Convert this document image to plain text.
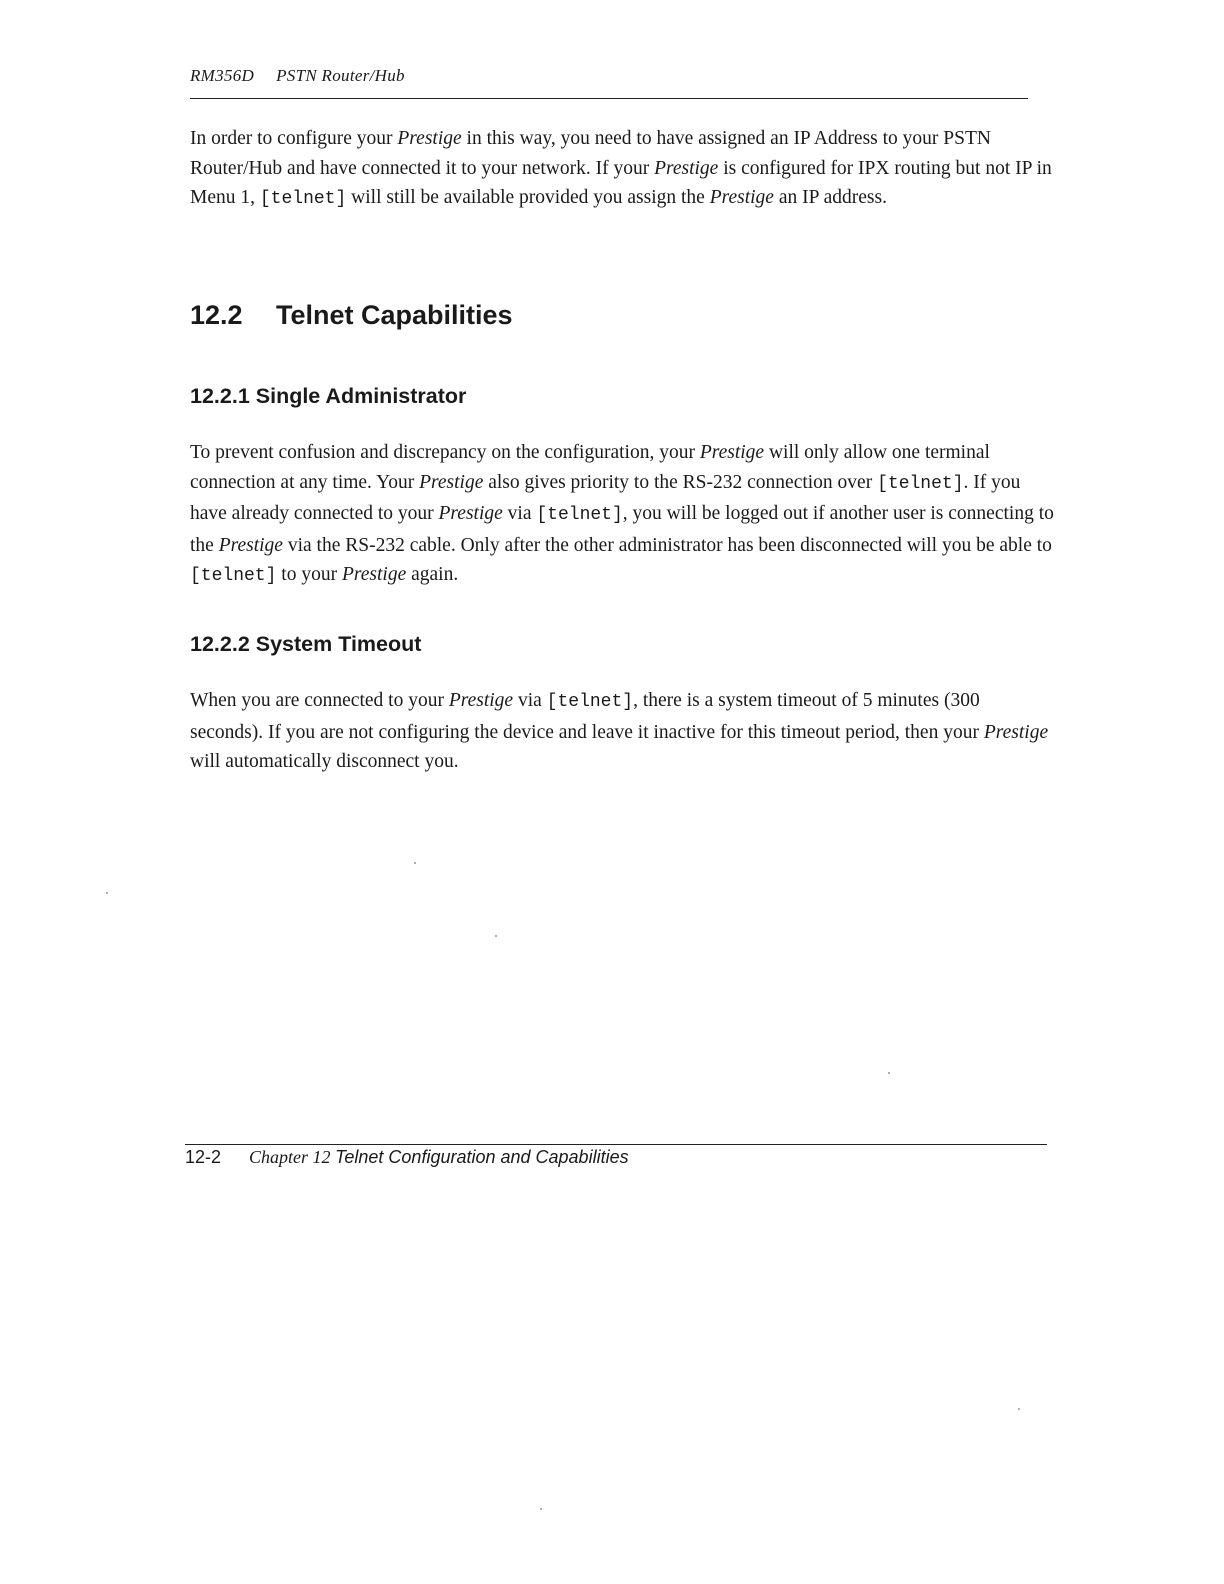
RM356D PSTN Router/Hub

In order to configure your Prestige in this way, you need to have assigned an IP Address to your PSTN Router/Hub and have connected it to your network. If your Prestige is configured for IPX routing but not IP in Menu 1, [telnet] will still be available provided you assign the Prestige an IP address.

12.2 Telnet Capabilities
12.2.1 Single Administrator

To prevent confusion and discrepancy on the configuration, your Prestige will only allow one terminal connection at any time. Your Prestige also gives priority to the RS-232 connection over [telnet]. If you have already connected to your Prestige via [telnet], you will be logged out if another user is connecting to the Prestige via the RS-232 cable. Only after the other administrator has been disconnected will you be able to [telnet] to your Prestige again.

12.2.2 System Timeout

When you are connected to your Prestige via [telnet], there is a system timeout of 5 minutes (300 seconds). If you are not configuring the device and leave it inactive for this timeout period, then your Prestige will automatically disconnect you.

12-2 Chapter 12 Telnet Configuration and Capabilities
